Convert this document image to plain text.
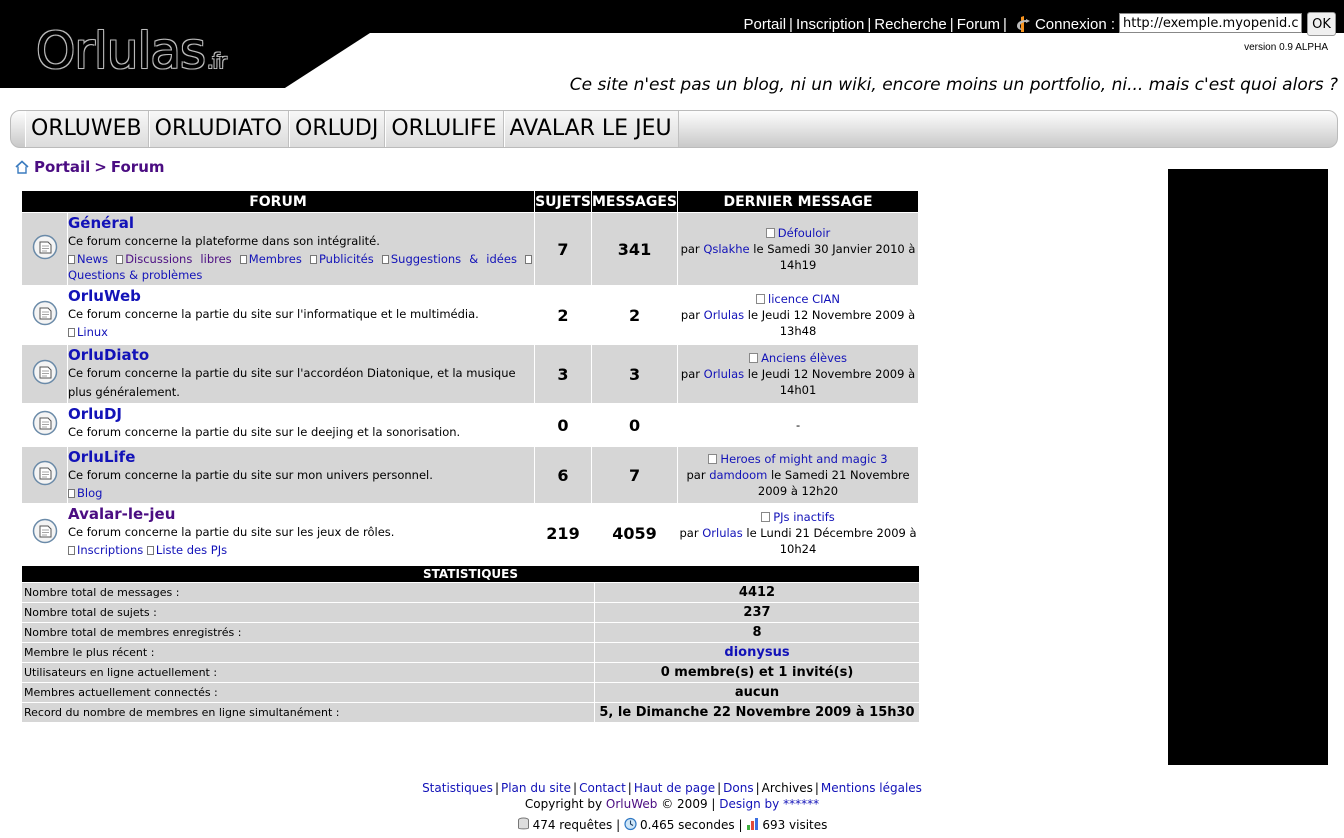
Orlulas .fr
Portail | Inscription | Recherche | Forum | Connexion :
http://exemple.myopenid.com	OK
version 0.9 ALPHA
Ce site n'est pas un blog, ni un wiki, encore moins un portfolio, ni... mais c'est quoi alors ?
ORLUWEB ORLUDIATO ORLUDJ ORLULIFE AVALAR LE JEU
Portail > Forum
FORUM		SUJETS	MESSAGES	DERNIER MESSAGE

Général
Ce forum concerne la plateforme dans son intégralité.
News Discussions libres Membres Publicités Suggestions & idées Questions & problèmes	7	341	Défouloir
par Qslakhe le Samedi 30 Janvier 2010 à 14h19

OrluWeb
Ce forum concerne la partie du site sur l'informatique et le multimédia.
Linux	2	2	licence CIAN
par Orlulas le Jeudi 12 Novembre 2009 à 13h48

OrluDiato
Ce forum concerne la partie du site sur l'accordéon Diatonique, et la musique plus généralement.	3	3	Anciens élèves
par Orlulas le Jeudi 12 Novembre 2009 à 14h01

OrluDJ
Ce forum concerne la partie du site sur le deejing et la sonorisation.	0	0	-

OrluLife
Ce forum concerne la partie du site sur mon univers personnel.
Blog	6	7	Heroes of might and magic 3
par damdoom le Samedi 21 Novembre 2009 à 12h20

Avalar-le-jeu
Ce forum concerne la partie du site sur les jeux de rôles.
Inscriptions Liste des PJs	219	4059	PJs inactifs
par Orlulas le Lundi 21 Décembre 2009 à 10h24
STATISTIQUES	
Nombre total de messages :	4412
Nombre total de sujets :	237
Nombre total de membres enregistrés :	8
Membre le plus récent :	dionysus
Utilisateurs en ligne actuellement :	0 membre(s) et 1 invité(s)
Membres actuellement connectés :	aucun
Record du nombre de membres en ligne simultanément :	5, le Dimanche 22 Novembre 2009 à 15h30
Statistiques | Plan du site | Contact | Haut de page | Dons | Archives | Mentions légales
Copyright by OrluWeb © 2009 | Design by ******
474 requêtes | 0.465 secondes | 693 visites
